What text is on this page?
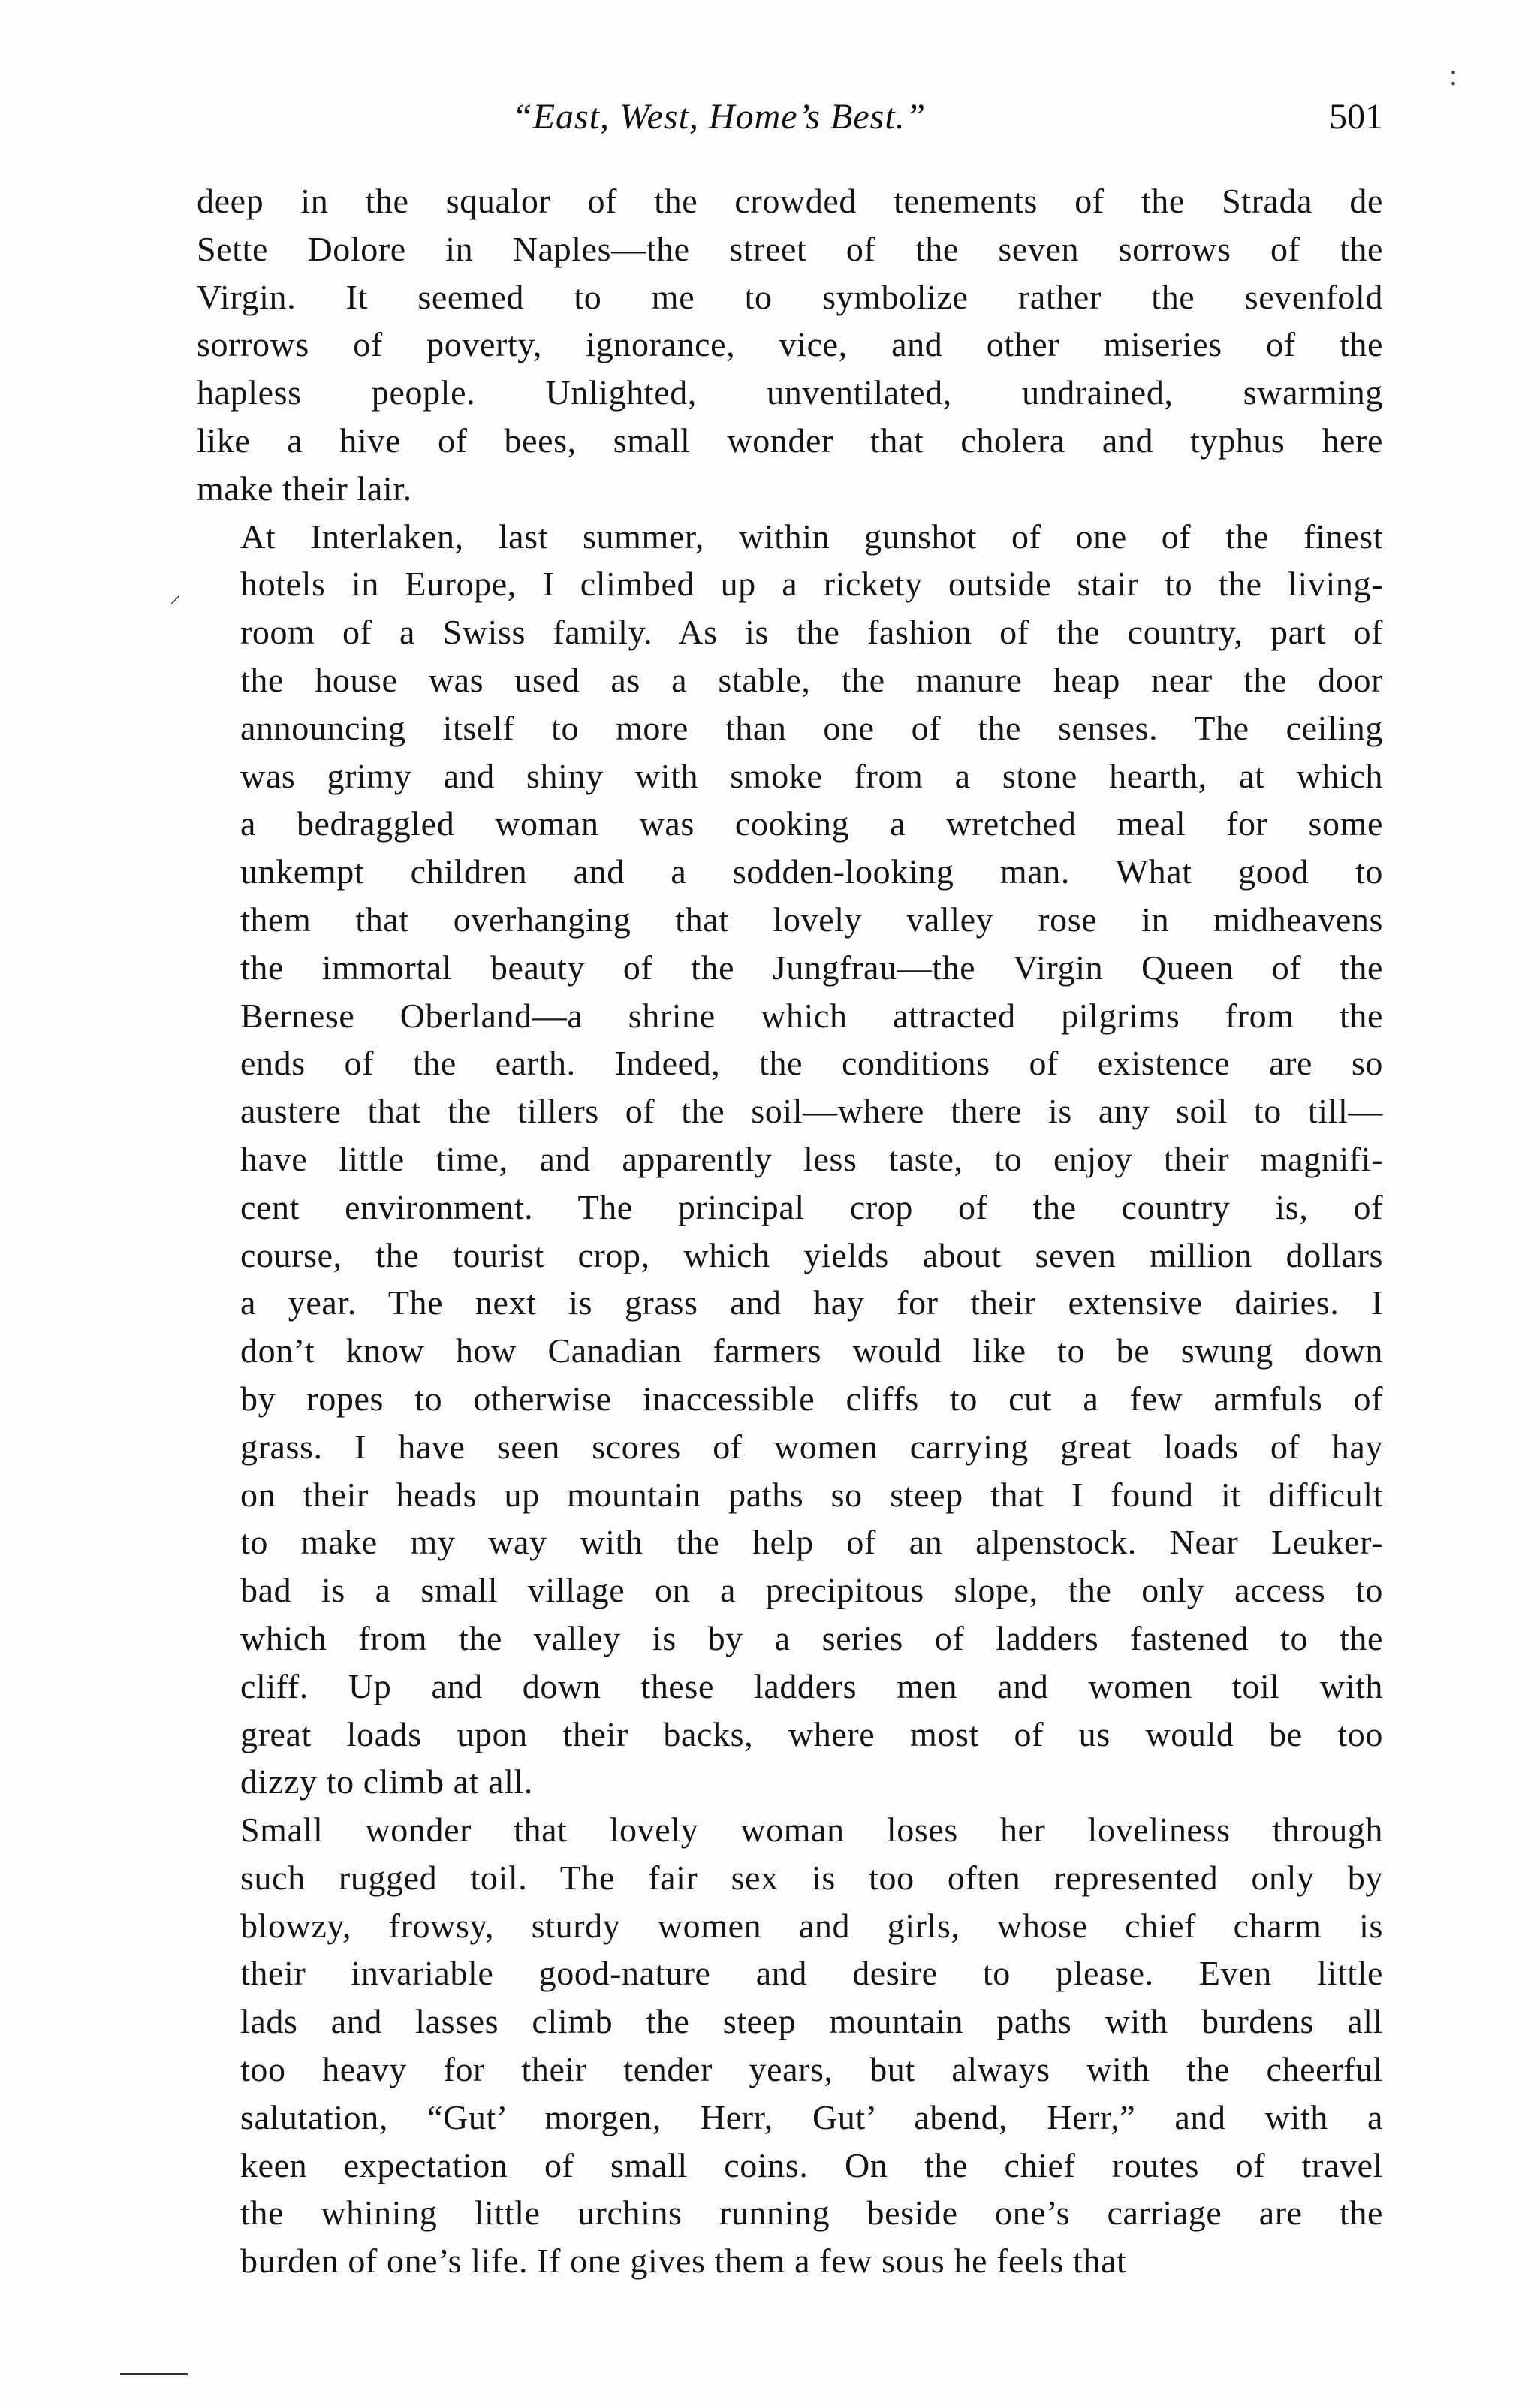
:
⸝
“East, West, Home’s Best.”	501

deep in the squalor of the crowded tenements of the Strada de
Sette Dolore in Naples—the street of the seven sorrows of the
Virgin. It seemed to me to symbolize rather the sevenfold
sorrows of poverty, ignorance, vice, and other miseries of the
hapless people. Unlighted, unventilated, undrained, swarming
like a hive of bees, small wonder that cholera and typhus here
make their lair.

At Interlaken, last summer, within gunshot of one of the finest
hotels in Europe, I climbed up a rickety outside stair to the living-
room of a Swiss family. As is the fashion of the country, part of
the house was used as a stable, the manure heap near the door
announcing itself to more than one of the senses. The ceiling
was grimy and shiny with smoke from a stone hearth, at which
a bedraggled woman was cooking a wretched meal for some
unkempt children and a sodden-looking man. What good to
them that overhanging that lovely valley rose in midheavens
the immortal beauty of the Jungfrau—the Virgin Queen of the
Bernese Oberland—a shrine which attracted pilgrims from the
ends of the earth. Indeed, the conditions of existence are so
austere that the tillers of the soil—where there is any soil to till—
have little time, and apparently less taste, to enjoy their magnifi-
cent environment. The principal crop of the country is, of
course, the tourist crop, which yields about seven million dollars
a year. The next is grass and hay for their extensive dairies. I
don’t know how Canadian farmers would like to be swung down
by ropes to otherwise inaccessible cliffs to cut a few armfuls of
grass. I have seen scores of women carrying great loads of hay
on their heads up mountain paths so steep that I found it difficult
to make my way with the help of an alpenstock. Near Leuker-
bad is a small village on a precipitous slope, the only access to
which from the valley is by a series of ladders fastened to the
cliff. Up and down these ladders men and women toil with
great loads upon their backs, where most of us would be too
dizzy to climb at all.

Small wonder that lovely woman loses her loveliness through
such rugged toil. The fair sex is too often represented only by
blowzy, frowsy, sturdy women and girls, whose chief charm is
their invariable good-nature and desire to please. Even little
lads and lasses climb the steep mountain paths with burdens all
too heavy for their tender years, but always with the cheerful
salutation, “Gut’ morgen, Herr, Gut’ abend, Herr,” and with a
keen expectation of small coins. On the chief routes of travel
the whining little urchins running beside one’s carriage are the
burden of one’s life. If one gives them a few sous he feels that
